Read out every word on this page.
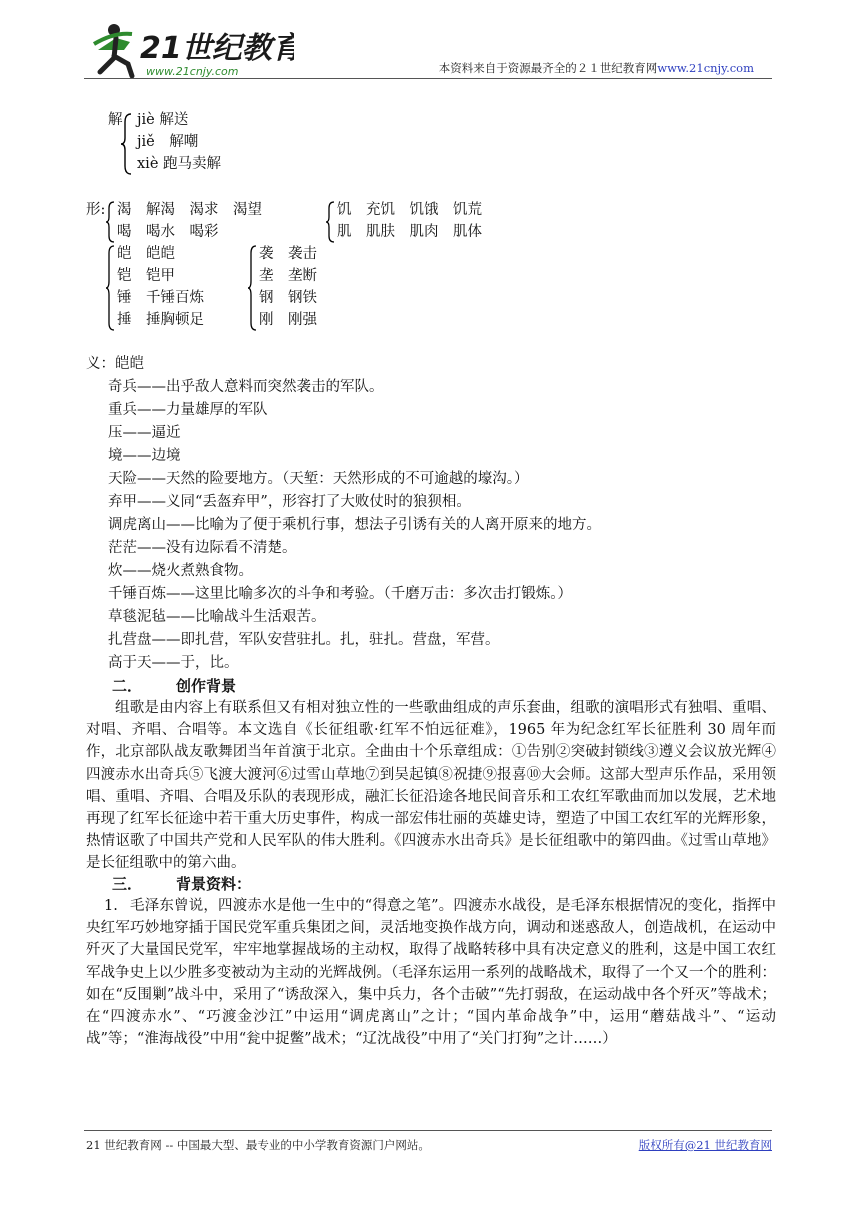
21世纪教育
www.21cnjy.com	本资料来自于资源最齐全的２１世纪教育网www.21cnjy.com
解 jiè 解送
jiě　解嘲
xiè 跑马卖解
形: 渴　解渴　渴求　渴望
喝　喝水　喝彩
饥　充饥　饥饿　饥荒
肌　肌肤　肌肉　肌体
皑　皑皑
铠　铠甲
锤　千锤百炼
捶　捶胸顿足
袭　袭击
垄　垄断
钢　钢铁
刚　刚强
义：皑皑
奇兵——出乎敌人意料而突然袭击的军队。
重兵——力量雄厚的军队
压——逼近
境——边境
天险——天然的险要地方。（天堑：天然形成的不可逾越的壕沟。）
弃甲——义同“丢盔弃甲”，形容打了大败仗时的狼狈相。
调虎离山——比喻为了便于乘机行事，想法子引诱有关的人离开原来的地方。
茫茫——没有边际看不清楚。
炊——烧火煮熟食物。
千锤百炼——这里比喻多次的斗争和考验。（千磨万击：多次击打锻炼。）
草毯泥毡——比喻战斗生活艰苦。
扎营盘——即扎营，军队安营驻扎。扎，驻扎。营盘，军营。
高于天——于，比。
二． 创作背景
组歌是由内容上有联系但又有相对独立性的一些歌曲组成的声乐套曲，组歌的演唱形式有独唱、重唱、对唱、齐唱、合唱等。本文选自《长征组歌·红军不怕远征难》，1965 年为纪念红军长征胜利 30 周年而作，北京部队战友歌舞团当年首演于北京。全曲由十个乐章组成：①告别②突破封锁线③遵义会议放光辉④四渡赤水出奇兵⑤飞渡大渡河⑥过雪山草地⑦到吴起镇⑧祝捷⑨报喜⑩大会师。这部大型声乐作品，采用领唱、重唱、齐唱、合唱及乐队的表现形成，融汇长征沿途各地民间音乐和工农红军歌曲而加以发展，艺术地再现了红军长征途中若干重大历史事件，构成一部宏伟壮丽的英雄史诗，塑造了中国工农红军的光辉形象，热情讴歌了中国共产党和人民军队的伟大胜利。《四渡赤水出奇兵》是长征组歌中的第四曲。《过雪山草地》是长征组歌中的第六曲。
三． 背景资料：
1. 毛泽东曾说，四渡赤水是他一生中的“得意之笔”。四渡赤水战役，是毛泽东根据情况的变化，指挥中央红军巧妙地穿插于国民党军重兵集团之间，灵活地变换作战方向，调动和迷惑敌人，创造战机，在运动中歼灭了大量国民党军，牢牢地掌握战场的主动权，取得了战略转移中具有决定意义的胜利，这是中国工农红军战争史上以少胜多变被动为主动的光辉战例。（毛泽东运用一系列的战略战术，取得了一个又一个的胜利：如在“反围剿”战斗中，采用了“诱敌深入，集中兵力，各个击破”“先打弱敌，在运动战中各个歼灭”等战术；在“四渡赤水”、“巧渡金沙江”中运用“调虎离山”之计；“国内革命战争”中，运用“蘑菇战斗”、“运动战”等；“淮海战役”中用“瓮中捉鳖”战术；“辽沈战役”中用了“关门打狗”之计……）
21 世纪教育网 -- 中国最大型、最专业的中小学教育资源门户网站。	版权所有@21 世纪教育网
